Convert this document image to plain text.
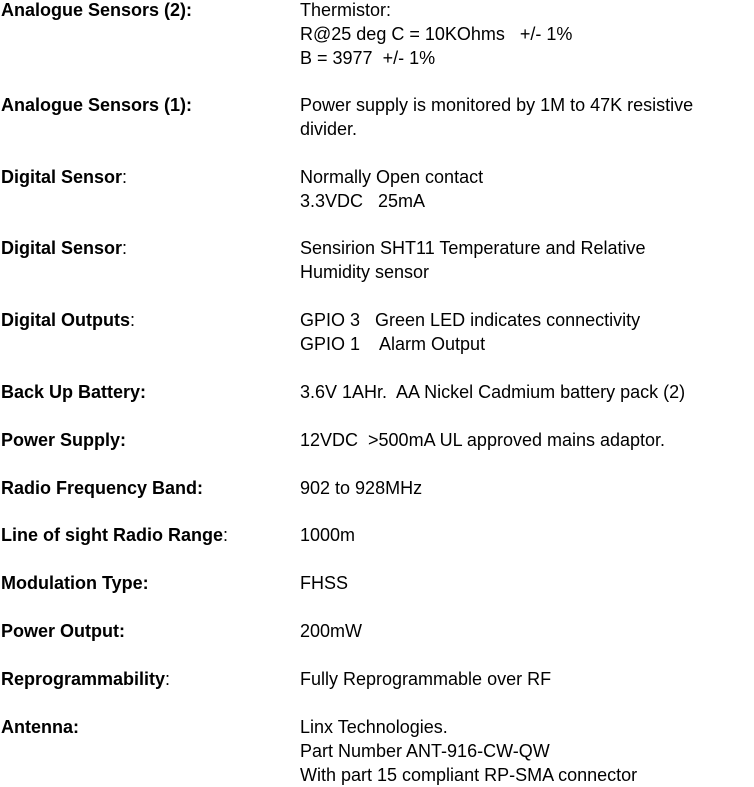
Analogue Sensors (2):	Thermistor:
R@25 deg C = 10KOhms   +/- 1%
B = 3977  +/- 1%
Analogue Sensors (1):	Power supply is monitored by 1M to 47K resistive
divider.
Digital Sensor:	Normally Open contact
3.3VDC   25mA
Digital Sensor:	Sensirion SHT11 Temperature and Relative
Humidity sensor
Digital Outputs:	GPIO 3   Green LED indicates connectivity
GPIO 1    Alarm Output
Back Up Battery:	3.6V 1AHr.  AA Nickel Cadmium battery pack (2)
Power Supply:	12VDC  >500mA UL approved mains adaptor.
Radio Frequency Band:	902 to 928MHz
Line of sight Radio Range:	1000m
Modulation Type:	FHSS
Power Output:	200mW
Reprogrammability:	Fully Reprogrammable over RF
Antenna:	Linx Technologies.
Part Number ANT-916-CW-QW
With part 15 compliant RP-SMA connector
